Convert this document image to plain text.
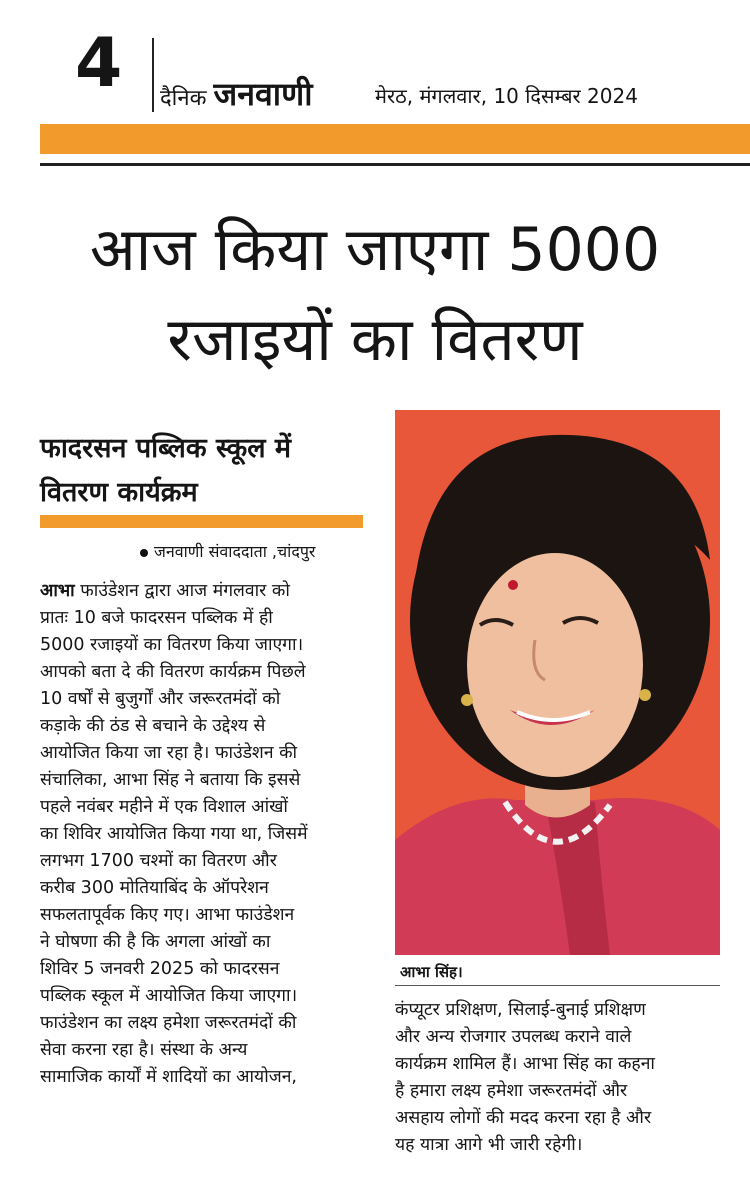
4 दैनिक जनवाणी	मेरठ, मंगलवार, 10 दिसम्बर 2024
आज किया जाएगा 5000
रजाइयों का वितरण
फादरसन पब्लिक स्कूल में
वितरण कार्यक्रम
जनवाणी संवाददाता ,चांदपुर
आभा फाउंडेशन द्वारा आज मंगलवार को
प्रातः 10 बजे फादरसन पब्लिक में ही
5000 रजाइयों का वितरण किया जाएगा।
आपको बता दे की वितरण कार्यक्रम पिछले
10 वर्षों से बुजुर्गों और जरूरतमंदों को
कड़ाके की ठंड से बचाने के उद्देश्य से
आयोजित किया जा रहा है। फाउंडेशन की
संचालिका, आभा सिंह ने बताया कि इससे
पहले नवंबर महीने में एक विशाल आंखों
का शिविर आयोजित किया गया था, जिसमें
लगभग 1700 चश्मों का वितरण और
करीब 300 मोतियाबिंद के ऑपरेशन
सफलतापूर्वक किए गए। आभा फाउंडेशन
ने घोषणा की है कि अगला आंखों का
शिविर 5 जनवरी 2025 को फादरसन
पब्लिक स्कूल में आयोजित किया जाएगा।
फाउंडेशन का लक्ष्य हमेशा जरूरतमंदों की
सेवा करना रहा है। संस्था के अन्य
सामाजिक कार्यों में शादियों का आयोजन,
आभा सिंह।
कंप्यूटर प्रशिक्षण, सिलाई-बुनाई प्रशिक्षण
और अन्य रोजगार उपलब्ध कराने वाले
कार्यक्रम शामिल हैं। आभा सिंह का कहना
है हमारा लक्ष्य हमेशा जरूरतमंदों और
असहाय लोगों की मदद करना रहा है और
यह यात्रा आगे भी जारी रहेगी।
